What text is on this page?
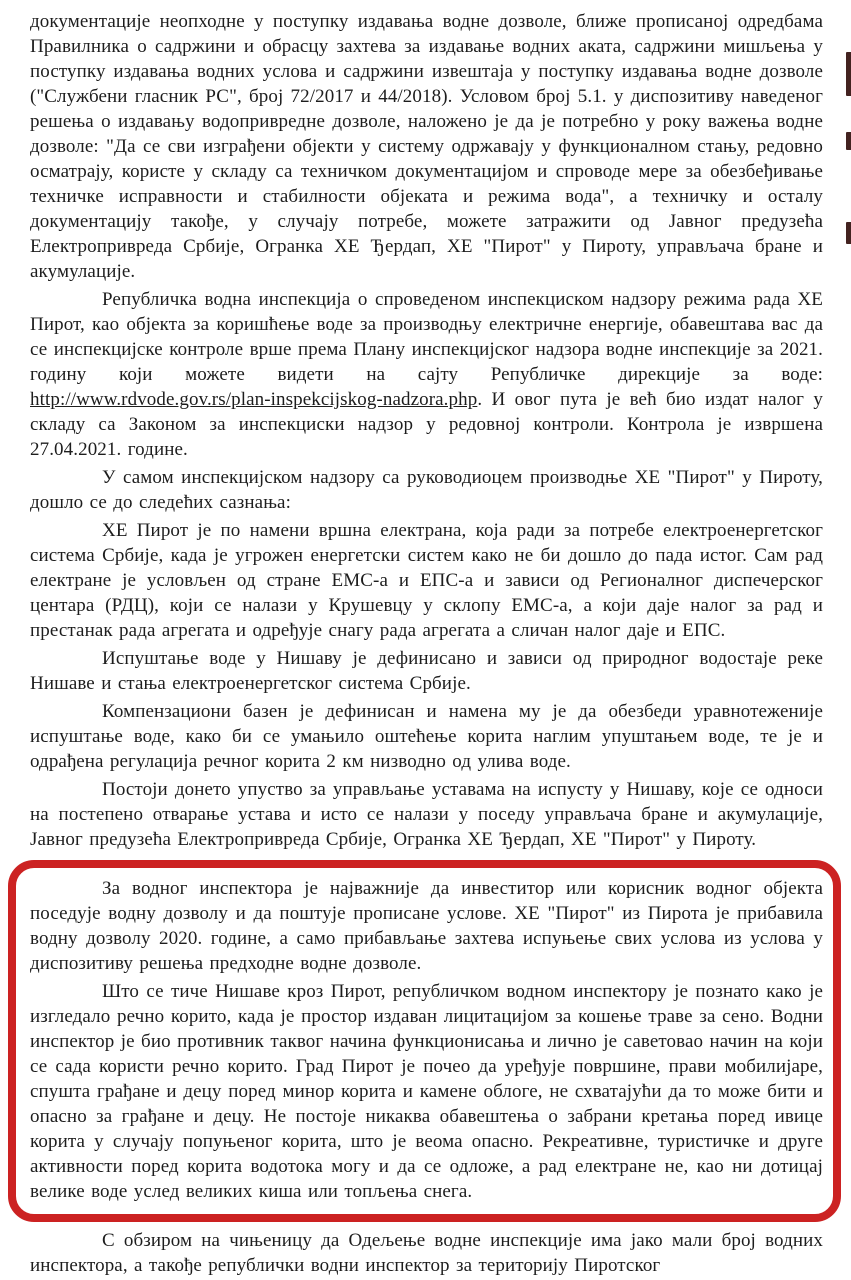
документације неопходне у поступку издавања водне дозволе, ближе прописаној одредбама Правилника о садржини и обрасцу захтева за издавање водних аката, садржини мишљења у поступку издавања водних услова и садржини извештаја у поступку издавања водне дозволе ("Службени гласник РС", број 72/2017 и 44/2018). Условом број 5.1. у диспозитиву наведеног решења о издавању водопривредне дозволе, наложено је да је потребно у року важења водне дозволе: "Да се сви изграђени објекти у систему одржавају у функционалном стању, редовно осматрају, користе у складу са техничком документацијом и спроводе мере за обезбеђивање техничке исправности и стабилности објеката и режима вода", а техничку и осталу документацију такође, у случају потребе, можете затражити од Јавног предузећа Електропривреда Србије, Огранка ХЕ Ђердап, ХЕ "Пирот" у Пироту, управљача бране и акумулације.

Републичка водна инспекција о спроведеном инспекциском надзору режима рада ХЕ Пирот, као објекта за коришћење воде за производњу електричне енергије, обавештава вас да се инспекцијске контроле врше према Плану инспекцијског надзора водне инспекције за 2021. годину који можете видети на сајту Републичке дирекције за воде: http://www.rdvode.gov.rs/plan-inspekcijskog-nadzora.php. И овог пута је већ био издат налог у складу са Законом за инспекциски надзор у редовној контроли. Контрола је извршена 27.04.2021. године.

У самом инспекцијском надзору са руководиоцем производње ХЕ "Пирот" у Пироту, дошло се до следећих сазнања:

ХЕ Пирот је по намени вршна електрана, која ради за потребе електроенергетског система Србије, када је угрожен енергетски систем како не би дошло до пада истог. Сам рад електране је условљен од стране ЕМС-а и ЕПС-а и зависи од Регионалног диспечерског центара (РДЦ), који се налази у Крушевцу у склопу ЕМС-а, а који даје налог за рад и престанак рада агрегата и одређује снагу рада агрегата а сличан налог даје и ЕПС.

Испуштање воде у Нишаву је дефинисано и зависи од природног водостаје реке Нишаве и стања електроенергетског система Србије.

Компензациони базен је дефинисан и намена му је да обезбеди уравнотеженије испуштање воде, како би се умањило оштећење корита наглим упуштањем воде, те је и одрађена регулација речног корита 2 км низводно од улива воде.

Постоји донето упуство за управљање уставама на испусту у Нишаву, које се односи на постепено отварање устава и исто се налази у поседу управљача бране и акумулације, Јавног предузећа Електропривреда Србије, Огранка ХЕ Ђердап, ХЕ "Пирот" у Пироту.

За водног инспектора је најважније да инвеститор или корисник водног објекта поседује водну дозволу и да поштује прописане услове. ХЕ "Пирот" из Пирота је прибавила водну дозволу 2020. године, а само прибављање захтева испуњење свих услова из услова у диспозитиву решења предходне водне дозволе.

Што се тиче Нишаве кроз Пирот, републичком водном инспектору је познато како је изгледало речно корито, када је простор издаван лицитацијом за кошење траве за сено. Водни инспектор је био противник таквог начина функционисања и лично је саветовао начин на који се сада користи речно корито. Град Пирот је почео да уређује површине, прави мобилијаре, спушта грађане и децу поред минор корита и камене облоге, не схватајући да то може бити и опасно за грађане и децу. Не постоје никаква обавештења о забрани кретања поред ивице корита у случају попуњеног корита, што је веома опасно. Рекреативне, туристичке и друге активности поред корита водотока могу и да се одложе, а рад електране не, као ни дотицај велике воде услед великих киша или топљења снега.

С обзиром на чињеницу да Одељење водне инспекције има јако мали број водних инспектора, а такође републички водни инспектор за територију Пиротског
